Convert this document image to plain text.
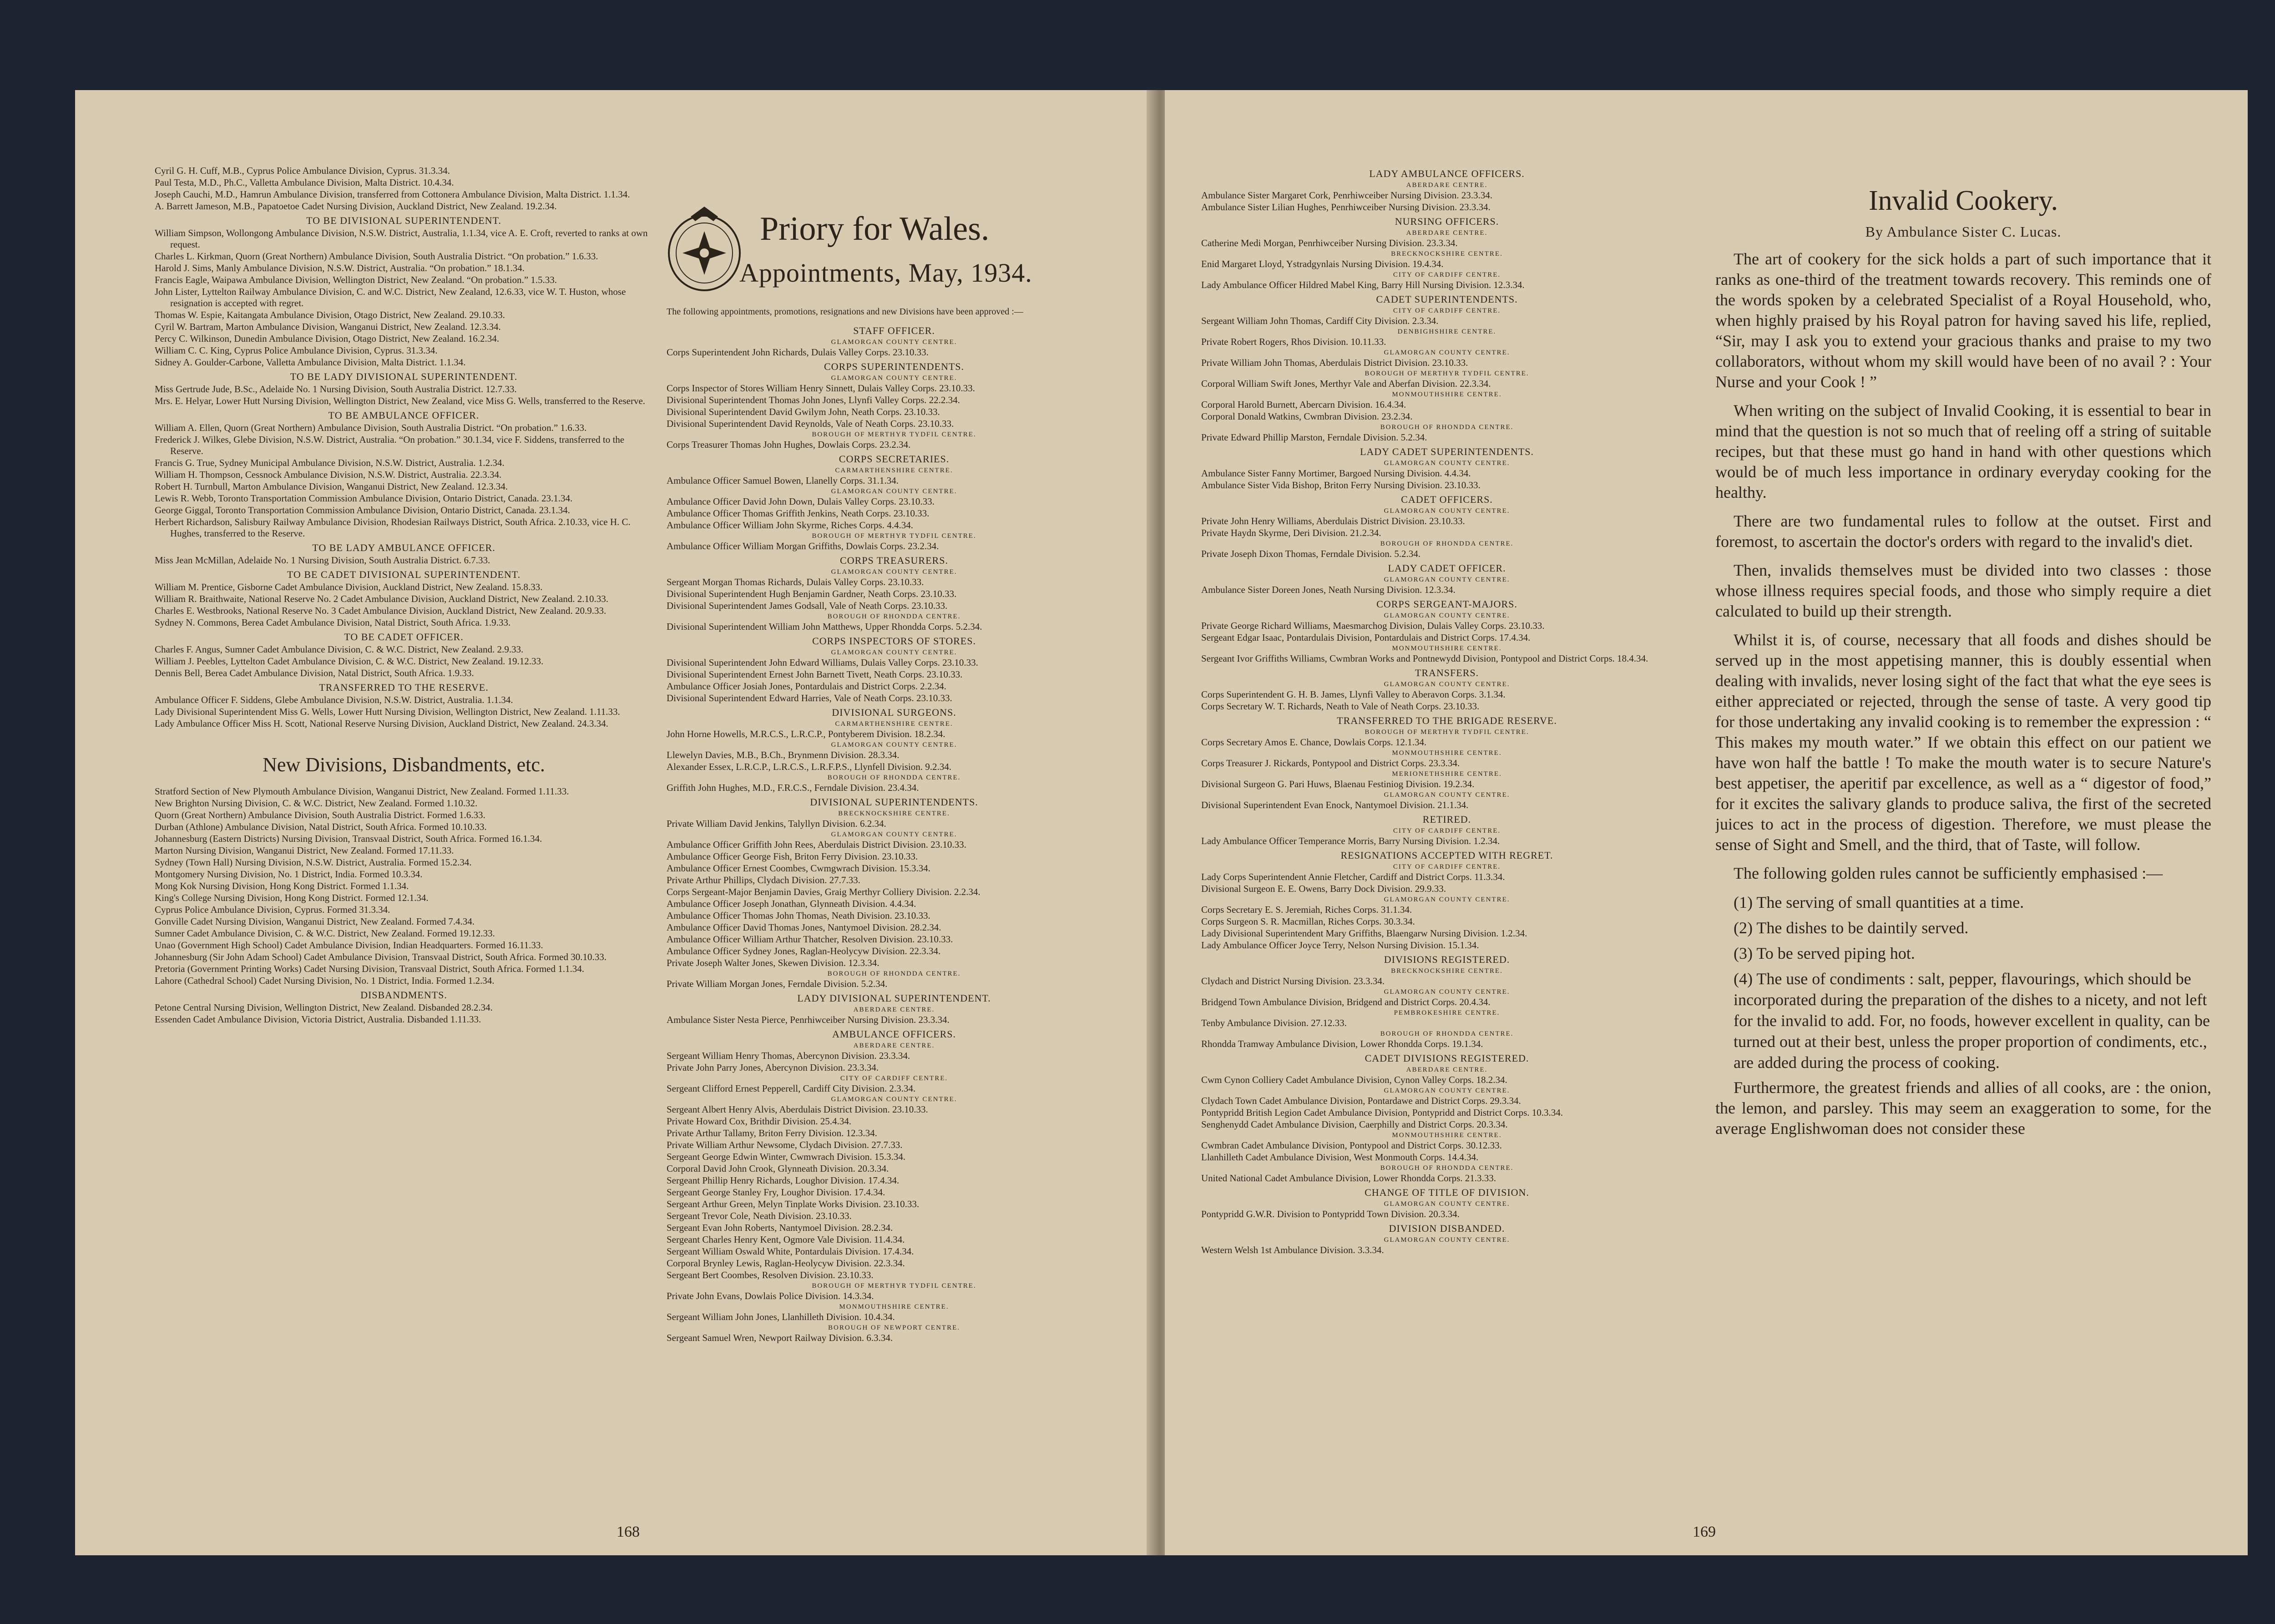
Cyril G. H. Cuff, M.B., Cyprus Police Ambulance Division, Cyprus. 31.3.34.
Paul Testa, M.D., Ph.C., Valletta Ambulance Division, Malta District. 10.4.34.
Joseph Cauchi, M.D., Hamrun Ambulance Division, transferred from Cottonera Ambulance Division, Malta District. 1.1.34.
A. Barrett Jameson, M.B., Papatoetoe Cadet Nursing Division, Auckland District, New Zealand. 19.2.34.
TO BE DIVISIONAL SUPERINTENDENT.
William Simpson, Wollongong Ambulance Division, N.S.W. District, Australia, 1.1.34, vice A. E. Croft, reverted to ranks at own request.
Charles L. Kirkman, Quorn (Great Northern) Ambulance Division, South Australia District. “On probation.” 1.6.33.
Harold J. Sims, Manly Ambulance Division, N.S.W. District, Australia. “On probation.” 18.1.34.
Francis Eagle, Waipawa Ambulance Division, Wellington District, New Zealand. “On probation.” 1.5.33.
John Lister, Lyttelton Railway Ambulance Division, C. and W.C. District, New Zealand, 12.6.33, vice W. T. Huston, whose resignation is accepted with regret.
Thomas W. Espie, Kaitangata Ambulance Division, Otago District, New Zealand. 29.10.33.
Cyril W. Bartram, Marton Ambulance Division, Wanganui District, New Zealand. 12.3.34.
Percy C. Wilkinson, Dunedin Ambulance Division, Otago District, New Zealand. 16.2.34.
William C. C. King, Cyprus Police Ambulance Division, Cyprus. 31.3.34.
Sidney A. Goulder-Carbone, Valletta Ambulance Division, Malta District. 1.1.34.
TO BE LADY DIVISIONAL SUPERINTENDENT.
Miss Gertrude Jude, B.Sc., Adelaide No. 1 Nursing Division, South Australia District. 12.7.33.
Mrs. E. Helyar, Lower Hutt Nursing Division, Wellington District, New Zealand, vice Miss G. Wells, transferred to the Reserve.
TO BE AMBULANCE OFFICER.
William A. Ellen, Quorn (Great Northern) Ambulance Division, South Australia District. “On probation.” 1.6.33.
Frederick J. Wilkes, Glebe Division, N.S.W. District, Australia. “On probation.” 30.1.34, vice F. Siddens, transferred to the Reserve.
Francis G. True, Sydney Municipal Ambulance Division, N.S.W. District, Australia. 1.2.34.
William H. Thompson, Cessnock Ambulance Division, N.S.W. District, Australia. 22.3.34.
Robert H. Turnbull, Marton Ambulance Division, Wanganui District, New Zealand. 12.3.34.
Lewis R. Webb, Toronto Transportation Commission Ambulance Division, Ontario District, Canada. 23.1.34.
George Giggal, Toronto Transportation Commission Ambulance Division, Ontario District, Canada. 23.1.34.
Herbert Richardson, Salisbury Railway Ambulance Division, Rhodesian Railways District, South Africa. 2.10.33, vice H. C. Hughes, transferred to the Reserve.
TO BE LADY AMBULANCE OFFICER.
Miss Jean McMillan, Adelaide No. 1 Nursing Division, South Australia District. 6.7.33.
TO BE CADET DIVISIONAL SUPERINTENDENT.
William M. Prentice, Gisborne Cadet Ambulance Division, Auckland District, New Zealand. 15.8.33.
William R. Braithwaite, National Reserve No. 2 Cadet Ambulance Division, Auckland District, New Zealand. 2.10.33.
Charles E. Westbrooks, National Reserve No. 3 Cadet Ambulance Division, Auckland District, New Zealand. 20.9.33.
Sydney N. Commons, Berea Cadet Ambulance Division, Natal District, South Africa. 1.9.33.
TO BE CADET OFFICER.
Charles F. Angus, Sumner Cadet Ambulance Division, C. & W.C. District, New Zealand. 2.9.33.
William J. Peebles, Lyttelton Cadet Ambulance Division, C. & W.C. District, New Zealand. 19.12.33.
Dennis Bell, Berea Cadet Ambulance Division, Natal District, South Africa. 1.9.33.
TRANSFERRED TO THE RESERVE.
Ambulance Officer F. Siddens, Glebe Ambulance Division, N.S.W. District, Australia. 1.1.34.
Lady Divisional Superintendent Miss G. Wells, Lower Hutt Nursing Division, Wellington District, New Zealand. 1.11.33.
Lady Ambulance Officer Miss H. Scott, National Reserve Nursing Division, Auckland District, New Zealand. 24.3.34.
New Divisions, Disbandments, etc.
Stratford Section of New Plymouth Ambulance Division, Wanganui District, New Zealand. Formed 1.11.33.
New Brighton Nursing Division, C. & W.C. District, New Zealand. Formed 1.10.32.
Quorn (Great Northern) Ambulance Division, South Australia District. Formed 1.6.33.
Durban (Athlone) Ambulance Division, Natal District, South Africa. Formed 10.10.33.
Johannesburg (Eastern Districts) Nursing Division, Transvaal District, South Africa. Formed 16.1.34.
Marton Nursing Division, Wanganui District, New Zealand. Formed 17.11.33.
Sydney (Town Hall) Nursing Division, N.S.W. District, Australia. Formed 15.2.34.
Montgomery Nursing Division, No. 1 District, India. Formed 10.3.34.
Mong Kok Nursing Division, Hong Kong District. Formed 1.1.34.
King's College Nursing Division, Hong Kong District. Formed 12.1.34.
Cyprus Police Ambulance Division, Cyprus. Formed 31.3.34.
Gonville Cadet Nursing Division, Wanganui District, New Zealand. Formed 7.4.34.
Sumner Cadet Ambulance Division, C. & W.C. District, New Zealand. Formed 19.12.33.
Unao (Government High School) Cadet Ambulance Division, Indian Headquarters. Formed 16.11.33.
Johannesburg (Sir John Adam School) Cadet Ambulance Division, Transvaal District, South Africa. Formed 30.10.33.
Pretoria (Government Printing Works) Cadet Nursing Division, Transvaal District, South Africa. Formed 1.1.34.
Lahore (Cathedral School) Cadet Nursing Division, No. 1 District, India. Formed 1.2.34.
DISBANDMENTS.
Petone Central Nursing Division, Wellington District, New Zealand. Disbanded 28.2.34.
Essenden Cadet Ambulance Division, Victoria District, Australia. Disbanded 1.11.33.
Priory for Wales.
Appointments, May, 1934.
The following appointments, promotions, resignations and new Divisions have been approved :—
STAFF OFFICER.
GLAMORGAN COUNTY CENTRE.
Corps Superintendent John Richards, Dulais Valley Corps. 23.10.33.
CORPS SUPERINTENDENTS.
GLAMORGAN COUNTY CENTRE.
Corps Inspector of Stores William Henry Sinnett, Dulais Valley Corps. 23.10.33.
Divisional Superintendent Thomas John Jones, Llynfi Valley Corps. 22.2.34.
Divisional Superintendent David Gwilym John, Neath Corps. 23.10.33.
Divisional Superintendent David Reynolds, Vale of Neath Corps. 23.10.33.
BOROUGH OF MERTHYR TYDFIL CENTRE.
Corps Treasurer Thomas John Hughes, Dowlais Corps. 23.2.34.
CORPS SECRETARIES.
CARMARTHENSHIRE CENTRE.
Ambulance Officer Samuel Bowen, Llanelly Corps. 31.1.34.
GLAMORGAN COUNTY CENTRE.
Ambulance Officer David John Down, Dulais Valley Corps. 23.10.33.
Ambulance Officer Thomas Griffith Jenkins, Neath Corps. 23.10.33.
Ambulance Officer William John Skyrme, Riches Corps. 4.4.34.
BOROUGH OF MERTHYR TYDFIL CENTRE.
Ambulance Officer William Morgan Griffiths, Dowlais Corps. 23.2.34.
CORPS TREASURERS.
GLAMORGAN COUNTY CENTRE.
Sergeant Morgan Thomas Richards, Dulais Valley Corps. 23.10.33.
Divisional Superintendent Hugh Benjamin Gardner, Neath Corps. 23.10.33.
Divisional Superintendent James Godsall, Vale of Neath Corps. 23.10.33.
BOROUGH OF RHONDDA CENTRE.
Divisional Superintendent William John Matthews, Upper Rhondda Corps. 5.2.34.
CORPS INSPECTORS OF STORES.
GLAMORGAN COUNTY CENTRE.
Divisional Superintendent John Edward Williams, Dulais Valley Corps. 23.10.33.
Divisional Superintendent Ernest John Barnett Tivett, Neath Corps. 23.10.33.
Ambulance Officer Josiah Jones, Pontardulais and District Corps. 2.2.34.
Divisional Superintendent Edward Harries, Vale of Neath Corps. 23.10.33.
DIVISIONAL SURGEONS.
CARMARTHENSHIRE CENTRE.
John Horne Howells, M.R.C.S., L.R.C.P., Pontyberem Division. 18.2.34.
GLAMORGAN COUNTY CENTRE.
Llewelyn Davies, M.B., B.Ch., Brynmenn Division. 28.3.34.
Alexander Essex, L.R.C.P., L.R.C.S., L.R.F.P.S., Llynfell Division. 9.2.34.
BOROUGH OF RHONDDA CENTRE.
Griffith John Hughes, M.D., F.R.C.S., Ferndale Division. 23.4.34.
DIVISIONAL SUPERINTENDENTS.
BRECKNOCKSHIRE CENTRE.
Private William David Jenkins, Talyllyn Division. 6.2.34.
GLAMORGAN COUNTY CENTRE.
Ambulance Officer Griffith John Rees, Aberdulais District Division. 23.10.33.
Ambulance Officer George Fish, Briton Ferry Division. 23.10.33.
Ambulance Officer Ernest Coombes, Cwmgwrach Division. 15.3.34.
Private Arthur Phillips, Clydach Division. 27.7.33.
Corps Sergeant-Major Benjamin Davies, Graig Merthyr Colliery Division. 2.2.34.
Ambulance Officer Joseph Jonathan, Glynneath Division. 4.4.34.
Ambulance Officer Thomas John Thomas, Neath Division. 23.10.33.
Ambulance Officer David Thomas Jones, Nantymoel Division. 28.2.34.
Ambulance Officer William Arthur Thatcher, Resolven Division. 23.10.33.
Ambulance Officer Sydney Jones, Raglan-Heolycyw Division. 22.3.34.
Private Joseph Walter Jones, Skewen Division. 12.3.34.
BOROUGH OF RHONDDA CENTRE.
Private William Morgan Jones, Ferndale Division. 5.2.34.
LADY DIVISIONAL SUPERINTENDENT.
ABERDARE CENTRE.
Ambulance Sister Nesta Pierce, Penrhiwceiber Nursing Division. 23.3.34.
AMBULANCE OFFICERS.
ABERDARE CENTRE.
Sergeant William Henry Thomas, Abercynon Division. 23.3.34.
Private John Parry Jones, Abercynon Division. 23.3.34.
CITY OF CARDIFF CENTRE.
Sergeant Clifford Ernest Pepperell, Cardiff City Division. 2.3.34.
GLAMORGAN COUNTY CENTRE.
Sergeant Albert Henry Alvis, Aberdulais District Division. 23.10.33.
Private Howard Cox, Brithdir Division. 25.4.34.
Private Arthur Tallamy, Briton Ferry Division. 12.3.34.
Private William Arthur Newsome, Clydach Division. 27.7.33.
Sergeant George Edwin Winter, Cwmwrach Division. 15.3.34.
Corporal David John Crook, Glynneath Division. 20.3.34.
Sergeant Phillip Henry Richards, Loughor Division. 17.4.34.
Sergeant George Stanley Fry, Loughor Division. 17.4.34.
Sergeant Arthur Green, Melyn Tinplate Works Division. 23.10.33.
Sergeant Trevor Cole, Neath Division. 23.10.33.
Sergeant Evan John Roberts, Nantymoel Division. 28.2.34.
Sergeant Charles Henry Kent, Ogmore Vale Division. 11.4.34.
Sergeant William Oswald White, Pontardulais Division. 17.4.34.
Corporal Brynley Lewis, Raglan-Heolycyw Division. 22.3.34.
Sergeant Bert Coombes, Resolven Division. 23.10.33.
BOROUGH OF MERTHYR TYDFIL CENTRE.
Private John Evans, Dowlais Police Division. 14.3.34.
MONMOUTHSHIRE CENTRE.
Sergeant William John Jones, Llanhilleth Division. 10.4.34.
BOROUGH OF NEWPORT CENTRE.
Sergeant Samuel Wren, Newport Railway Division. 6.3.34.
168
LADY AMBULANCE OFFICERS.
ABERDARE CENTRE.
Ambulance Sister Margaret Cork, Penrhiwceiber Nursing Division. 23.3.34.
Ambulance Sister Lilian Hughes, Penrhiwceiber Nursing Division. 23.3.34.
NURSING OFFICERS.
ABERDARE CENTRE.
Catherine Medi Morgan, Penrhiwceiber Nursing Division. 23.3.34.
BRECKNOCKSHIRE CENTRE.
Enid Margaret Lloyd, Ystradgynlais Nursing Division. 19.4.34.
CITY OF CARDIFF CENTRE.
Lady Ambulance Officer Hildred Mabel King, Barry Hill Nursing Division. 12.3.34.
CADET SUPERINTENDENTS.
CITY OF CARDIFF CENTRE.
Sergeant William John Thomas, Cardiff City Division. 2.3.34.
DENBIGHSHIRE CENTRE.
Private Robert Rogers, Rhos Division. 10.11.33.
GLAMORGAN COUNTY CENTRE.
Private William John Thomas, Aberdulais District Division. 23.10.33.
BOROUGH OF MERTHYR TYDFIL CENTRE.
Corporal William Swift Jones, Merthyr Vale and Aberfan Division. 22.3.34.
MONMOUTHSHIRE CENTRE.
Corporal Harold Burnett, Abercarn Division. 16.4.34.
Corporal Donald Watkins, Cwmbran Division. 23.2.34.
BOROUGH OF RHONDDA CENTRE.
Private Edward Phillip Marston, Ferndale Division. 5.2.34.
LADY CADET SUPERINTENDENTS.
GLAMORGAN COUNTY CENTRE.
Ambulance Sister Fanny Mortimer, Bargoed Nursing Division. 4.4.34.
Ambulance Sister Vida Bishop, Briton Ferry Nursing Division. 23.10.33.
CADET OFFICERS.
GLAMORGAN COUNTY CENTRE.
Private John Henry Williams, Aberdulais District Division. 23.10.33.
Private Haydn Skyrme, Deri Division. 21.2.34.
BOROUGH OF RHONDDA CENTRE.
Private Joseph Dixon Thomas, Ferndale Division. 5.2.34.
LADY CADET OFFICER.
GLAMORGAN COUNTY CENTRE.
Ambulance Sister Doreen Jones, Neath Nursing Division. 12.3.34.
CORPS SERGEANT-MAJORS.
GLAMORGAN COUNTY CENTRE.
Private George Richard Williams, Maesmarchog Division, Dulais Valley Corps. 23.10.33.
Sergeant Edgar Isaac, Pontardulais Division, Pontardulais and District Corps. 17.4.34.
MONMOUTHSHIRE CENTRE.
Sergeant Ivor Griffiths Williams, Cwmbran Works and Pontnewydd Division, Pontypool and District Corps. 18.4.34.
TRANSFERS.
GLAMORGAN COUNTY CENTRE.
Corps Superintendent G. H. B. James, Llynfi Valley to Aberavon Corps. 3.1.34.
Corps Secretary W. T. Richards, Neath to Vale of Neath Corps. 23.10.33.
TRANSFERRED TO THE BRIGADE RESERVE.
BOROUGH OF MERTHYR TYDFIL CENTRE.
Corps Secretary Amos E. Chance, Dowlais Corps. 12.1.34.
MONMOUTHSHIRE CENTRE.
Corps Treasurer J. Rickards, Pontypool and District Corps. 23.3.34.
MERIONETHSHIRE CENTRE.
Divisional Surgeon G. Pari Huws, Blaenau Festiniog Division. 19.2.34.
GLAMORGAN COUNTY CENTRE.
Divisional Superintendent Evan Enock, Nantymoel Division. 21.1.34.
RETIRED.
CITY OF CARDIFF CENTRE.
Lady Ambulance Officer Temperance Morris, Barry Nursing Division. 1.2.34.
RESIGNATIONS ACCEPTED WITH REGRET.
CITY OF CARDIFF CENTRE.
Lady Corps Superintendent Annie Fletcher, Cardiff and District Corps. 11.3.34.
Divisional Surgeon E. E. Owens, Barry Dock Division. 29.9.33.
GLAMORGAN COUNTY CENTRE.
Corps Secretary E. S. Jeremiah, Riches Corps. 31.1.34.
Corps Surgeon S. R. Macmillan, Riches Corps. 30.3.34.
Lady Divisional Superintendent Mary Griffiths, Blaengarw Nursing Division. 1.2.34.
Lady Ambulance Officer Joyce Terry, Nelson Nursing Division. 15.1.34.
DIVISIONS REGISTERED.
BRECKNOCKSHIRE CENTRE.
Clydach and District Nursing Division. 23.3.34.
GLAMORGAN COUNTY CENTRE.
Bridgend Town Ambulance Division, Bridgend and District Corps. 20.4.34.
PEMBROKESHIRE CENTRE.
Tenby Ambulance Division. 27.12.33.
BOROUGH OF RHONDDA CENTRE.
Rhondda Tramway Ambulance Division, Lower Rhondda Corps. 19.1.34.
CADET DIVISIONS REGISTERED.
ABERDARE CENTRE.
Cwm Cynon Colliery Cadet Ambulance Division, Cynon Valley Corps. 18.2.34.
GLAMORGAN COUNTY CENTRE.
Clydach Town Cadet Ambulance Division, Pontardawe and District Corps. 29.3.34.
Pontypridd British Legion Cadet Ambulance Division, Pontypridd and District Corps. 10.3.34.
Senghenydd Cadet Ambulance Division, Caerphilly and District Corps. 20.3.34.
MONMOUTHSHIRE CENTRE.
Cwmbran Cadet Ambulance Division, Pontypool and District Corps. 30.12.33.
Llanhilleth Cadet Ambulance Division, West Monmouth Corps. 14.4.34.
BOROUGH OF RHONDDA CENTRE.
United National Cadet Ambulance Division, Lower Rhondda Corps. 21.3.33.
CHANGE OF TITLE OF DIVISION.
GLAMORGAN COUNTY CENTRE.
Pontypridd G.W.R. Division to Pontypridd Town Division. 20.3.34.
DIVISION DISBANDED.
GLAMORGAN COUNTY CENTRE.
Western Welsh 1st Ambulance Division. 3.3.34.
Invalid Cookery.
By Ambulance Sister C. Lucas.
The art of cookery for the sick holds a part of such importance that it ranks as one-third of the treatment towards recovery. This reminds one of the words spoken by a celebrated Specialist of a Royal Household, who, when highly praised by his Royal patron for having saved his life, replied, “Sir, may I ask you to extend your gracious thanks and praise to my two collaborators, without whom my skill would have been of no avail ? : Your Nurse and your Cook ! ”
When writing on the subject of Invalid Cooking, it is essential to bear in mind that the question is not so much that of reeling off a string of suitable recipes, but that these must go hand in hand with other questions which would be of much less importance in ordinary everyday cooking for the healthy.
There are two fundamental rules to follow at the outset. First and foremost, to ascertain the doctor's orders with regard to the invalid's diet.
Then, invalids themselves must be divided into two classes : those whose illness requires special foods, and those who simply require a diet calculated to build up their strength.
Whilst it is, of course, necessary that all foods and dishes should be served up in the most appetising manner, this is doubly essential when dealing with invalids, never losing sight of the fact that what the eye sees is either appreciated or rejected, through the sense of taste. A very good tip for those undertaking any invalid cooking is to remember the expression : “ This makes my mouth water.” If we obtain this effect on our patient we have won half the battle ! To make the mouth water is to secure Nature's best appetiser, the aperitif par excellence, as well as a “ digestor of food,” for it excites the salivary glands to produce saliva, the first of the secreted juices to act in the process of digestion. Therefore, we must please the sense of Sight and Smell, and the third, that of Taste, will follow.
The following golden rules cannot be sufficiently emphasised :—
(1) The serving of small quantities at a time.
(2) The dishes to be daintily served.
(3) To be served piping hot.
(4) The use of condiments : salt, pepper, flavourings, which should be incorporated during the preparation of the dishes to a nicety, and not left for the invalid to add. For, no foods, however excellent in quality, can be turned out at their best, unless the proper proportion of condiments, etc., are added during the process of cooking.
Furthermore, the greatest friends and allies of all cooks, are : the onion, the lemon, and parsley. This may seem an exaggeration to some, for the average Englishwoman does not consider these
169
